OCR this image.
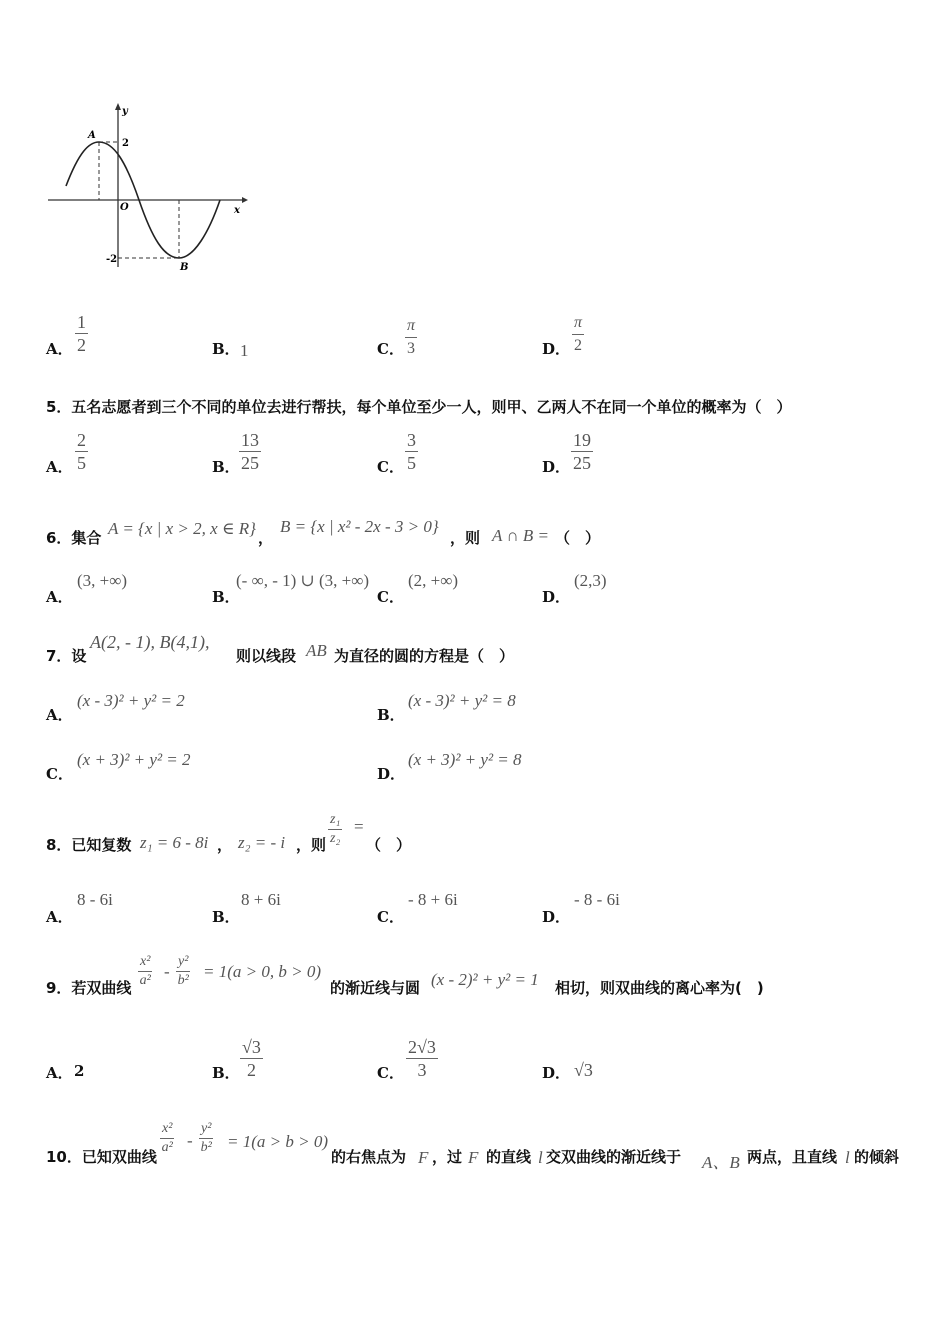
A
B
O	x
y
2
-2
A． $\frac{1}{2}$	B． 1	C． $\frac{\pi}{3}$	D． $\frac{\pi}{2}$
5．五名志愿者到三个不同的单位去进行帮扶，每个单位至少一人，则甲、乙两人不在同一个单位的概率为（　）
A． $\frac{2}{5}$	B． $\frac{13}{25}$	C． $\frac{3}{5}$	D． $\frac{19}{25}$
6．集合 A = {x | x > 2, x ∈ R} ，
B = {x | x² - 2x - 3 > 0}
，则 A ∩ B = （　）
A．
(3, +∞)
B．
(- ∞, - 1) ∪ (3, +∞)
C．
(2, +∞)
D．
(2,3)
7．设
A(2, - 1), B(4,1),
则以线段 AB 为直径的圆的方程是（　）
A．
(x - 3)² + y² = 2
B．
(x - 3)² + y² = 8
C．
(x + 3)² + y² = 2
D．
(x + 3)² + y² = 8
8．已知复数 z₁ = 6 - 8i ， z₂ = - i ，则 $\frac{\text{z₁}}{\text{z₂}}$ =
（　）
A．
8 - 6i
B．
8 + 6i
C．
- 8 + 6i
D．
- 8 - 6i
9．若双曲线 $\frac{\text{x²}}{\text{a²}} - \frac{\text{y²}}{\text{b²}} = 1(a > 0$, b > 0)
的渐近线与圆 (x - 2)² + y² = 1 相切，则双曲线的离心率为(　)
A． 2	B． $\frac{√3}{2}$	C． $\frac{2√3}{3}$	D． √3
10．已知双曲线
$\frac{\text{x²}}{\text{a²}} - \frac{\text{y²}}{\text{b²}} = 1(a > b > 0)$
的右焦点为 F ，过 F 的直线 l 交双曲线的渐近线于 A、B 两点，且直线 l 的倾斜
